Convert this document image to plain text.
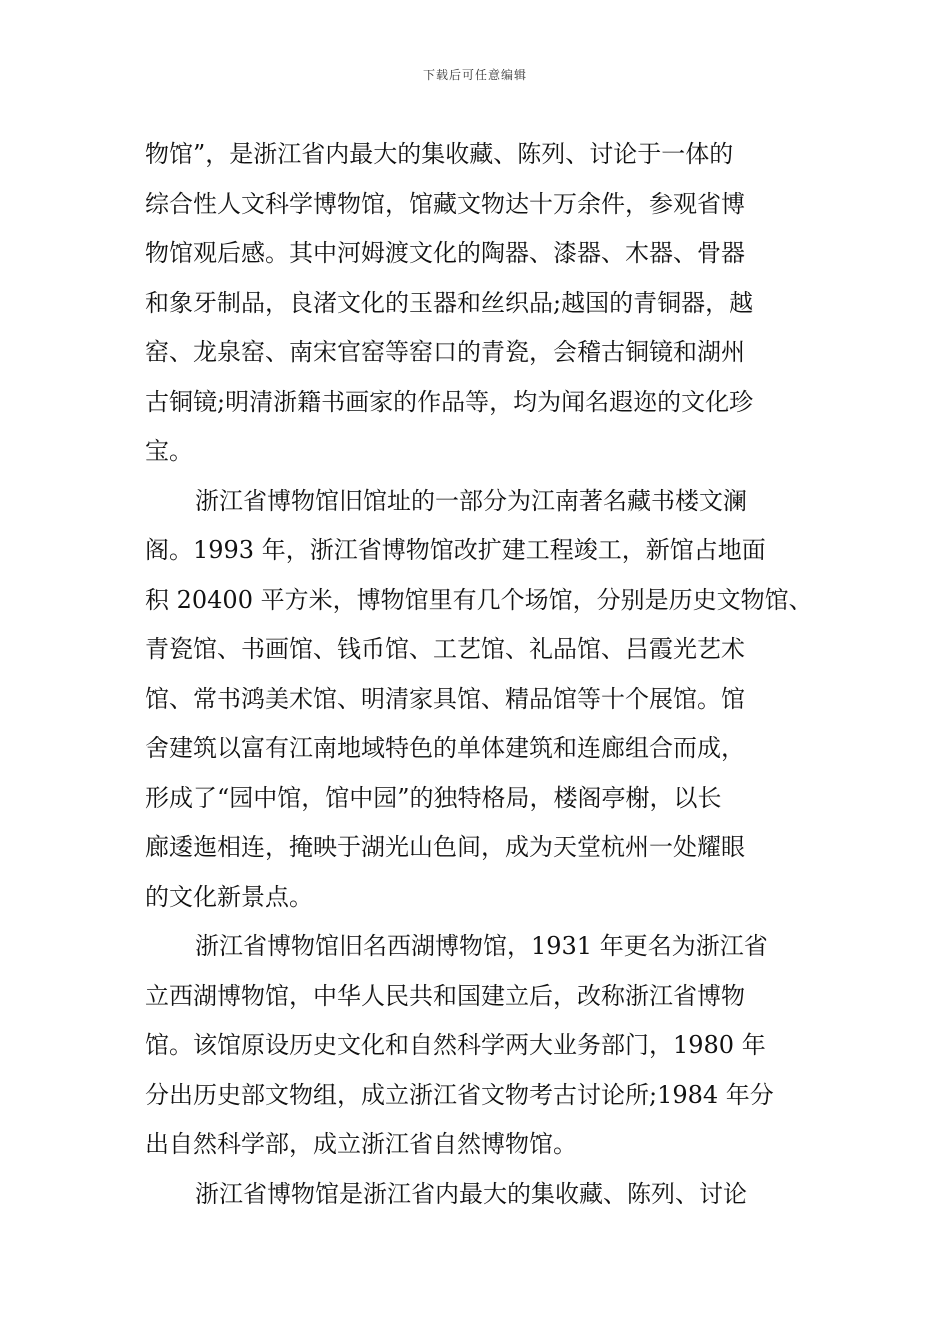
下载后可任意编辑
物馆”，是浙江省内最大的集收藏、陈列、讨论于一体的
综合性人文科学博物馆，馆藏文物达十万余件，参观省博
物馆观后感。其中河姆渡文化的陶器、漆器、木器、骨器
和象牙制品，良渚文化的玉器和丝织品;越国的青铜器，越
窑、龙泉窑、南宋官窑等窑口的青瓷，会稽古铜镜和湖州
古铜镜;明清浙籍书画家的作品等，均为闻名遐迩的文化珍
宝。
浙江省博物馆旧馆址的一部分为江南著名藏书楼文澜
阁。1993 年，浙江省博物馆改扩建工程竣工，新馆占地面
积 20400 平方米，博物馆里有几个场馆，分别是历史文物馆、
青瓷馆、书画馆、钱币馆、工艺馆、礼品馆、吕霞光艺术
馆、常书鸿美术馆、明清家具馆、精品馆等十个展馆。馆
舍建筑以富有江南地域特色的单体建筑和连廊组合而成，
形成了“园中馆，馆中园”的独特格局，楼阁亭榭，以长
廊逶迤相连，掩映于湖光山色间，成为天堂杭州一处耀眼
的文化新景点。
浙江省博物馆旧名西湖博物馆，1931 年更名为浙江省
立西湖博物馆，中华人民共和国建立后，改称浙江省博物
馆。该馆原设历史文化和自然科学两大业务部门，1980 年
分出历史部文物组，成立浙江省文物考古讨论所;1984 年分
出自然科学部，成立浙江省自然博物馆。
浙江省博物馆是浙江省内最大的集收藏、陈列、讨论
